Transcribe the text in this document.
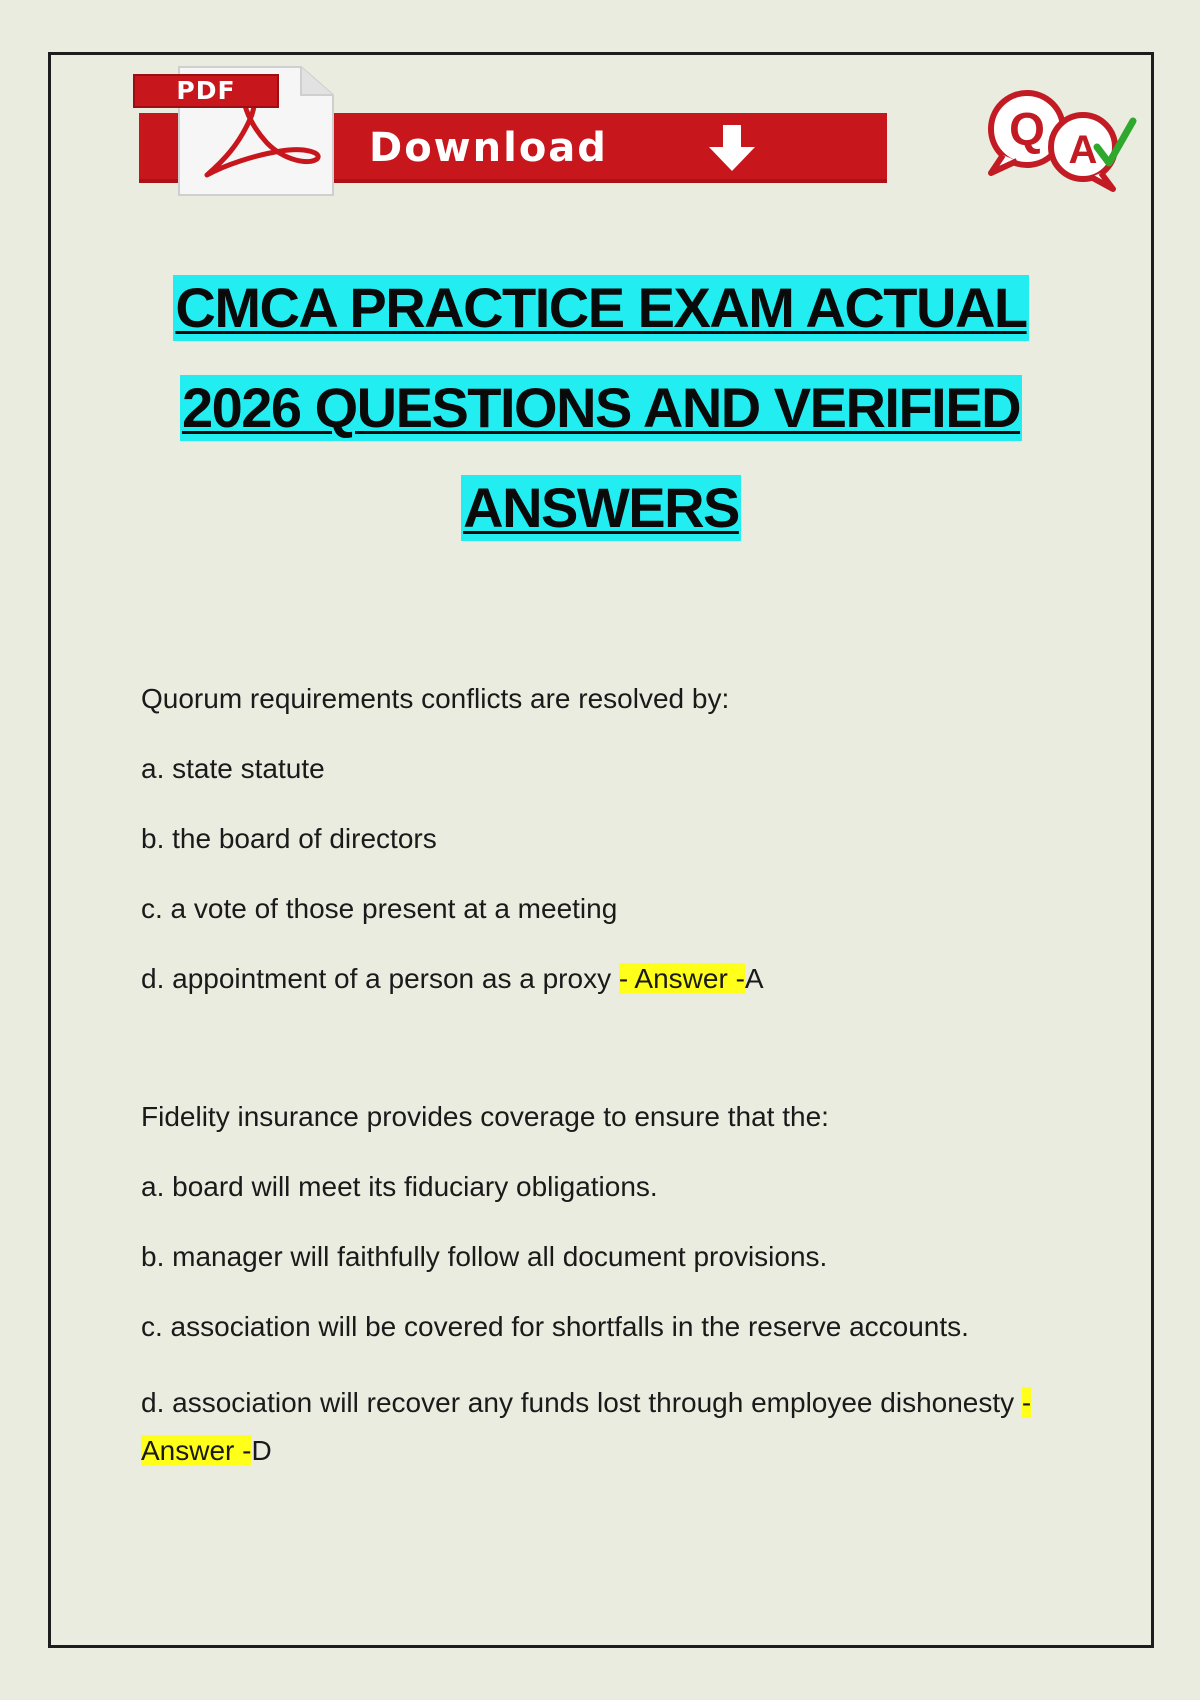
Download
PDF
Q A
CMCA PRACTICE EXAM ACTUAL
2026 QUESTIONS AND VERIFIED
ANSWERS
Quorum requirements conflicts are resolved by:
a. state statute
b. the board of directors
c. a vote of those present at a meeting
d. appointment of a person as a proxy - Answer -A
Fidelity insurance provides coverage to ensure that the:
a. board will meet its fiduciary obligations.
b. manager will faithfully follow all document provisions.
c. association will be covered for shortfalls in the reserve accounts.
d. association will recover any funds lost through employee dishonesty -
Answer -D
